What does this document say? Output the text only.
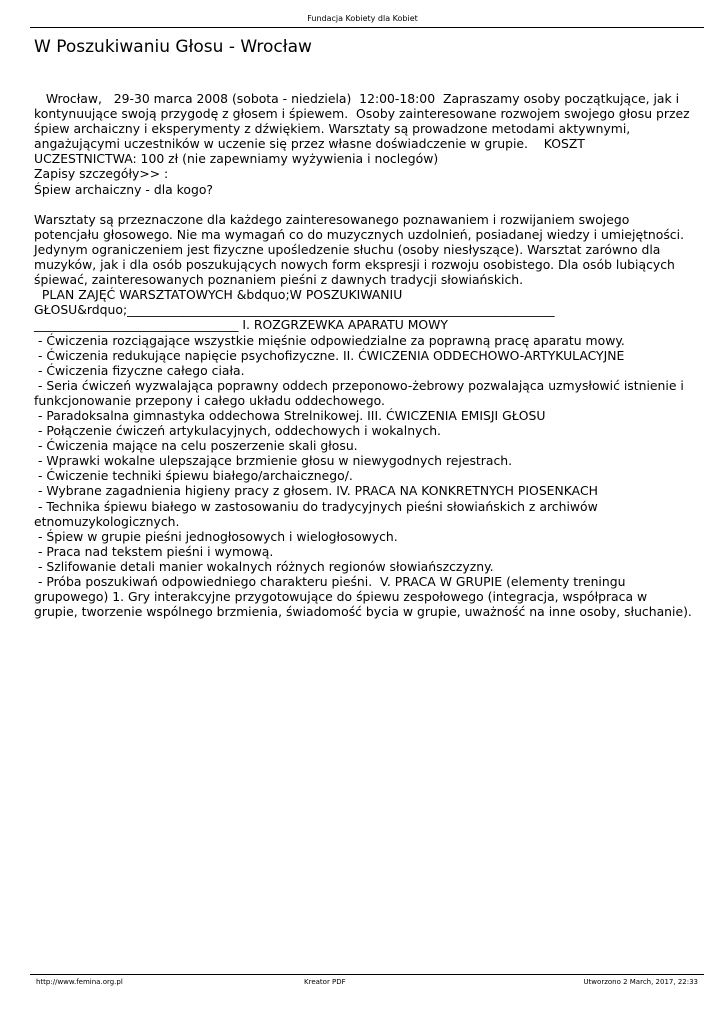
Fundacja Kobiety dla Kobiet
W Poszukiwaniu Głosu - Wrocław

Wrocław,   29-30 marca 2008 (sobota - niedziela)  12:00-18:00  Zapraszamy osoby początkujące, jak i

kontynuujące swoją przygodę z głosem i śpiewem.  Osoby zainteresowane rozwojem swojego głosu przez

śpiew archaiczny i eksperymenty z dźwiękiem. Warsztaty są prowadzone metodami aktywnymi,

angażującymi uczestników w uczenie się przez własne doświadczenie w grupie.    KOSZT

UCZESTNICTWA: 100 zł (nie zapewniamy wyżywienia i noclegów)

Zapisy szczegóły>> :

Śpiew archaiczny - dla kogo?

Warsztaty są przeznaczone dla każdego zainteresowanego poznawaniem i rozwijaniem swojego

potencjału głosowego. Nie ma wymagań co do muzycznych uzdolnień, posiadanej wiedzy i umiejętności.

Jedynym ograniczeniem jest fizyczne upośledzenie słuchu (osoby niesłyszące). Warsztat zarówno dla

muzyków, jak i dla osób poszukujących nowych form ekspresji i rozwoju osobistego. Dla osób lubiących

śpiewać, zainteresowanych poznaniem pieśni z dawnych tradycji słowiańskich.

PLAN ZAJĘĆ WARSZTATOWYCH &bdquo;W POSZUKIWANIU

GŁOSU&rdquo;_____________________________________________________________________

_________________________________ I. ROZGRZEWKA APARATU MOWY

- Ćwiczenia rozciągające wszystkie mięśnie odpowiedzialne za poprawną pracę aparatu mowy.

- Ćwiczenia redukujące napięcie psychofizyczne. II. ĆWICZENIA ODDECHOWO-ARTYKULACYJNE

- Ćwiczenia fizyczne całego ciała.

- Seria ćwiczeń wyzwalająca poprawny oddech przeponowo-żebrowy pozwalająca uzmysłowić istnienie i

funkcjonowanie przepony i całego układu oddechowego.

- Paradoksalna gimnastyka oddechowa Strelnikowej. III. ĆWICZENIA EMISJI GŁOSU

- Połączenie ćwiczeń artykulacyjnych, oddechowych i wokalnych.

- Ćwiczenia mające na celu poszerzenie skali głosu.

- Wprawki wokalne ulepszające brzmienie głosu w niewygodnych rejestrach.

- Ćwiczenie techniki śpiewu białego/archaicznego/.

- Wybrane zagadnienia higieny pracy z głosem. IV. PRACA NA KONKRETNYCH PIOSENKACH

- Technika śpiewu białego w zastosowaniu do tradycyjnych pieśni słowiańskich z archiwów

etnomuzykologicznych.

- Śpiew w grupie pieśni jednogłosowych i wielogłosowych.

- Praca nad tekstem pieśni i wymową.

- Szlifowanie detali manier wokalnych różnych regionów słowiańszczyzny.

- Próba poszukiwań odpowiedniego charakteru pieśni.  V. PRACA W GRUPIE (elementy treningu

grupowego) 1. Gry interakcyjne przygotowujące do śpiewu zespołowego (integracja, współpraca w

grupie, tworzenie wspólnego brzmienia, świadomość bycia w grupie, uważność na inne osoby, słuchanie).

http://www.femina.org.pl	Kreator PDF	Utworzono 2 March, 2017, 22:33
